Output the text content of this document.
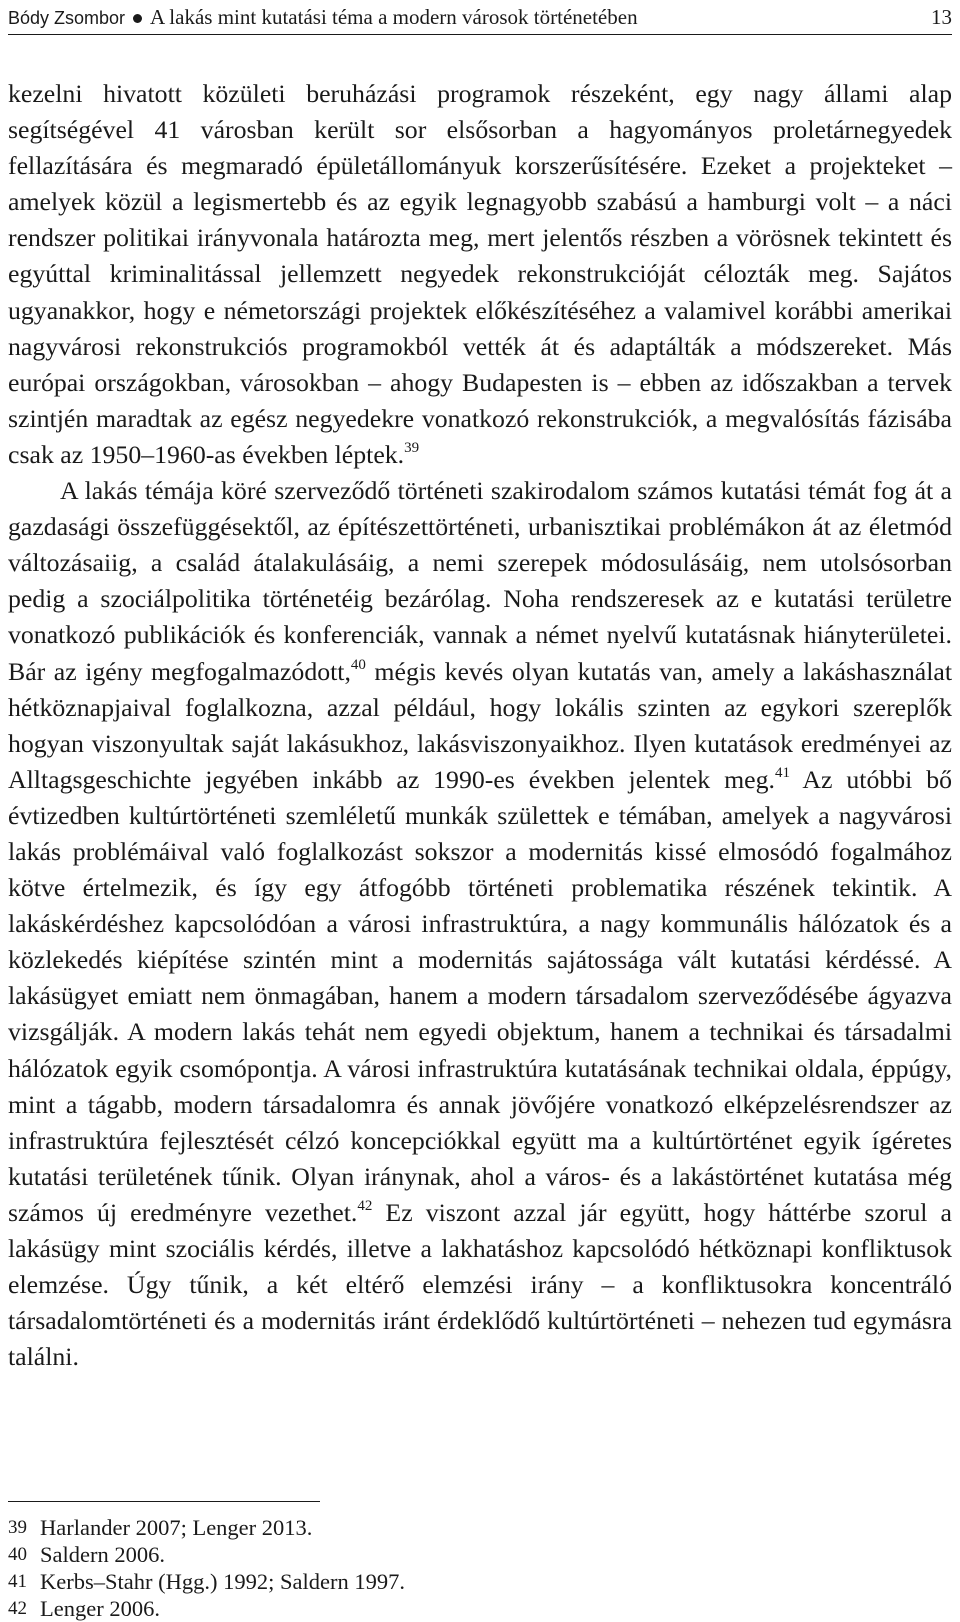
Bódy Zsombor A lakás mint kutatási téma a modern városok történetében	13

kezelni hivatott közületi beruházási programok részeként, egy nagy állami alap segítségével 41 városban került sor elsősorban a hagyományos proletárnegyedek fellazítására és megmaradó épületállományuk korszerűsítésére. Ezeket a projekteket – amelyek közül a legismertebb és az egyik legnagyobb szabású a hamburgi volt – a náci rendszer politikai irányvonala határozta meg, mert jelentős részben a vörösnek tekintett és egyúttal kriminalitással jellemzett negyedek rekonstrukcióját célozták meg. Sajátos ugyanakkor, hogy e németországi projektek előkészítéséhez a valamivel korábbi amerikai nagyvárosi rekonstrukciós programokból vették át és adaptálták a módszereket. Más európai országokban, városokban – ahogy Budapesten is – ebben az időszakban a tervek szintjén maradtak az egész negyedekre vonatkozó rekonstrukciók, a megvalósítás fázisába csak az 1950–1960-as években léptek.$^{39}$

A lakás témája köré szerveződő történeti szakirodalom számos kutatási témát fog át a gazdasági összefüggésektől, az építészettörténeti, urbanisztikai problémákon át az életmód változásaiig, a család átalakulásáig, a nemi szerepek módosulásáig, nem utolsósorban pedig a szociálpolitika történetéig bezárólag. Noha rendszeresek az e kutatási területre vonatkozó publikációk és konferenciák, vannak a német nyelvű kutatásnak hiányterületei. Bár az igény megfogalmazódott,$^{40}$ mégis kevés olyan kutatás van, amely a lakáshasználat hétköznapjaival foglalkozna, azzal például, hogy lokális szinten az egykori szereplők hogyan viszonyultak saját lakásukhoz, lakásviszonyaikhoz. Ilyen kutatások eredményei az Alltagsgeschichte jegyében inkább az 1990-es években jelentek meg.$^{41}$ Az utóbbi bő évtizedben kultúrtörténeti szemléletű munkák születtek e témában, amelyek a nagyvárosi lakás problémáival való foglalkozást sokszor a modernitás kissé elmosódó fogalmához kötve értelmezik, és így egy átfogóbb történeti problematika részének tekintik. A lakáskérdéshez kapcsolódóan a városi infrastruktúra, a nagy kommunális hálózatok és a közlekedés kiépítése szintén mint a modernitás sajátossága vált kutatási kérdéssé. A lakásügyet emiatt nem önmagában, hanem a modern társadalom szerveződésébe ágyazva vizsgálják. A modern lakás tehát nem egyedi objektum, hanem a technikai és társadalmi hálózatok egyik csomópontja. A városi infrastruktúra kutatásának technikai oldala, éppúgy, mint a tágabb, modern társadalomra és annak jövőjére vonatkozó elképzelésrendszer az infrastruktúra fejlesztését célzó koncepciókkal együtt ma a kultúrtörténet egyik ígéretes kutatási területének tűnik. Olyan iránynak, ahol a város- és a lakástörténet kutatása még számos új eredményre vezethet.$^{42}$ Ez viszont azzal jár együtt, hogy háttérbe szorul a lakásügy mint szociális kérdés, illetve a lakhatáshoz kapcsolódó hétköznapi konfliktusok elemzése. Úgy tűnik, a két eltérő elemzési irány – a konfliktusokra koncentráló társadalomtörténeti és a modernitás iránt érdeklődő kultúrtörténeti – nehezen tud egymásra találni.

39 Harlander 2007; Lenger 2013.
40 Saldern 2006.
41 Kerbs–Stahr (Hgg.) 1992; Saldern 1997.
42 Lenger 2006.
